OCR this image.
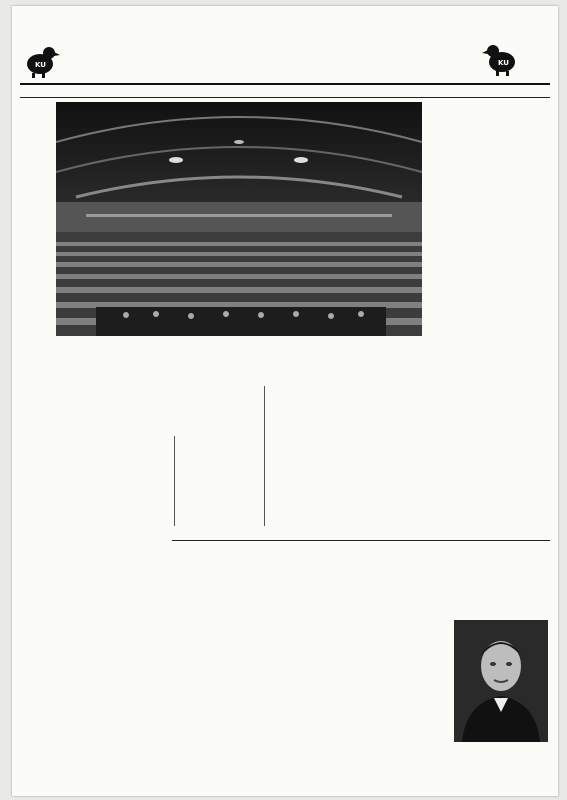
KU	KU
